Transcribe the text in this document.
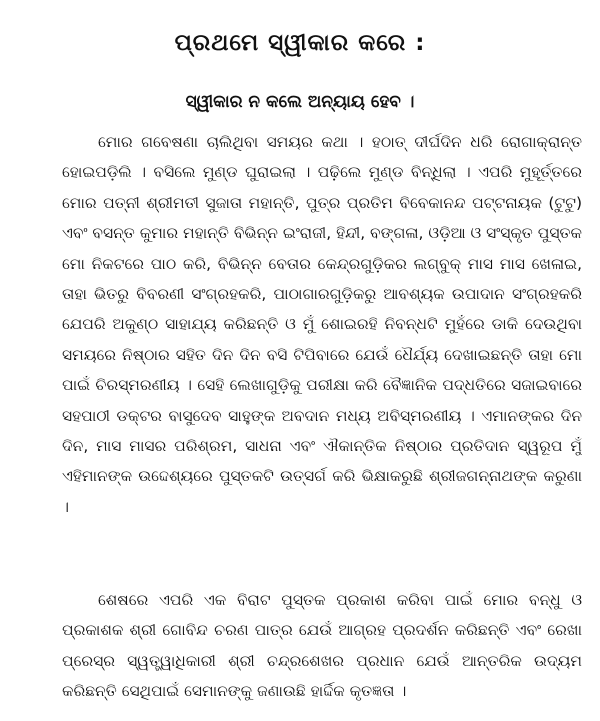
ପ୍ରଥମେ ସ୍ୱୀକାର କରେ :
ସ୍ୱୀକାର ନ କଲେ ଅନ୍ୟାୟ ହେବ ।

ମୋର ଗବେଷଣା ଚାଲିଥିବା ସମୟର କଥା । ହଠାତ୍ ଦୀର୍ଘଦିନ ଧରି ରୋଗାକ୍ରାନ୍ତ ହୋଇପଡ଼ିଲି । ବସିଲେ ମୁଣ୍ଡ ଘୁରାଇଲା । ପଢ଼ିଲେ ମୁଣ୍ଡ ବିନ୍ଧିଲା । ଏପରି ମୁହୂର୍ତ୍ତରେ ମୋର ପତ୍ନୀ ଶ୍ରୀମତୀ ସୁଜାତା ମହାନ୍ତି, ପୁତ୍ର ପ୍ରତିମ ବିବେକାନନ୍ଦ ପଟ୍ଟନାୟକ (ଟୁଟୁ) ଏବଂ ବସନ୍ତ କୁମାର ମହାନ୍ତି ବିଭିନ୍ନ ଇଂରାଜୀ, ହିନ୍ଦୀ, ବଙ୍ଗଳା, ଓଡ଼ିଆ ଓ ସଂସ୍କୃତ ପୁସ୍ତକ ମୋ ନିକଟରେ ପାଠ କରି, ବିଭିନ୍ନ ବେତାର କେନ୍ଦ୍ରଗୁଡ଼ିକର ଲଗ୍‌ବୁକ୍ ମାସ ମାସ ଖେଳାଇ, ତାହା ଭିତରୁ ବିବରଣୀ ସଂଗ୍ରହକରି, ପାଠାଗାରଗୁଡ଼ିକରୁ ଆବଶ୍ୟକ ଉପାଦାନ ସଂଗ୍ରହକରି ଯେପରି ଅକୁଣ୍ଠ ସାହାଯ୍ୟ କରିଛନ୍ତି ଓ ମୁଁ ଶୋଇରହି ନିବନ୍ଧଟି ମୁହଁରେ ଡାକି ଦେଉଥିବା ସମୟରେ ନିଷ୍ଠାର ସହିତ ଦିନ ଦିନ ବସି ଟିପିବାରେ ଯେଉଁ ଧୈର୍ଯ୍ୟ ଦେଖାଇଛନ୍ତି ତାହା ମୋ ପାଇଁ ଚିରସ୍ମରଣୀୟ । ସେହି ଲେଖାଗୁଡ଼ିକୁ ପରୀକ୍ଷା କରି ବୈଜ୍ଞାନିକ ପଦ୍ଧତିରେ ସଜାଇବାରେ ସହପାଠୀ ଡକ୍ଟର ବାସୁଦେବ ସାହୁଙ୍କ ଅବଦାନ ମଧ୍ୟ ଅବିସ୍ମରଣୀୟ । ଏମାନଙ୍କର ଦିନ ଦିନ, ମାସ ମାସର ପରିଶ୍ରମ, ସାଧନା ଏବଂ ଐକାନ୍ତିକ ନିଷ୍ଠାର ପ୍ରତିଦାନ ସ୍ୱରୂପ ମୁଁ ଏହିମାନଙ୍କ ଉଦ୍ଦେଶ୍ୟରେ ପୁସ୍ତକଟି ଉତ୍ସର୍ଗ କରି ଭିକ୍ଷାକରୁଛି ଶ୍ରୀଜଗନ୍ନାଥଙ୍କ କରୁଣା ।

ଶେଷରେ ଏପରି ଏକ ବିରାଟ ପୁସ୍ତକ ପ୍ରକାଶ କରିବା ପାଇଁ ମୋର ବନ୍ଧୁ ଓ ପ୍ରକାଶକ ଶ୍ରୀ ଗୋବିନ୍ଦ ଚରଣ ପାତ୍ର ଯେଉଁ ଆଗ୍ରହ ପ୍ରଦର୍ଶନ କରିଛନ୍ତି ଏବଂ ରେଖା ପ୍ରେସ୍‌ର ସ୍ୱତ୍ତ୍ୱାଧିକାରୀ ଶ୍ରୀ ଚନ୍ଦ୍ରଶେଖର ପ୍ରଧାନ ଯେଉଁ ଆନ୍ତରିକ ଉଦ୍ୟମ କରିଛନ୍ତି ସେଥିପାଇଁ ସେମାନଙ୍କୁ ଜଣାଉଛି ହାର୍ଦ୍ଦିକ କୃତଜ୍ଞତା ।
